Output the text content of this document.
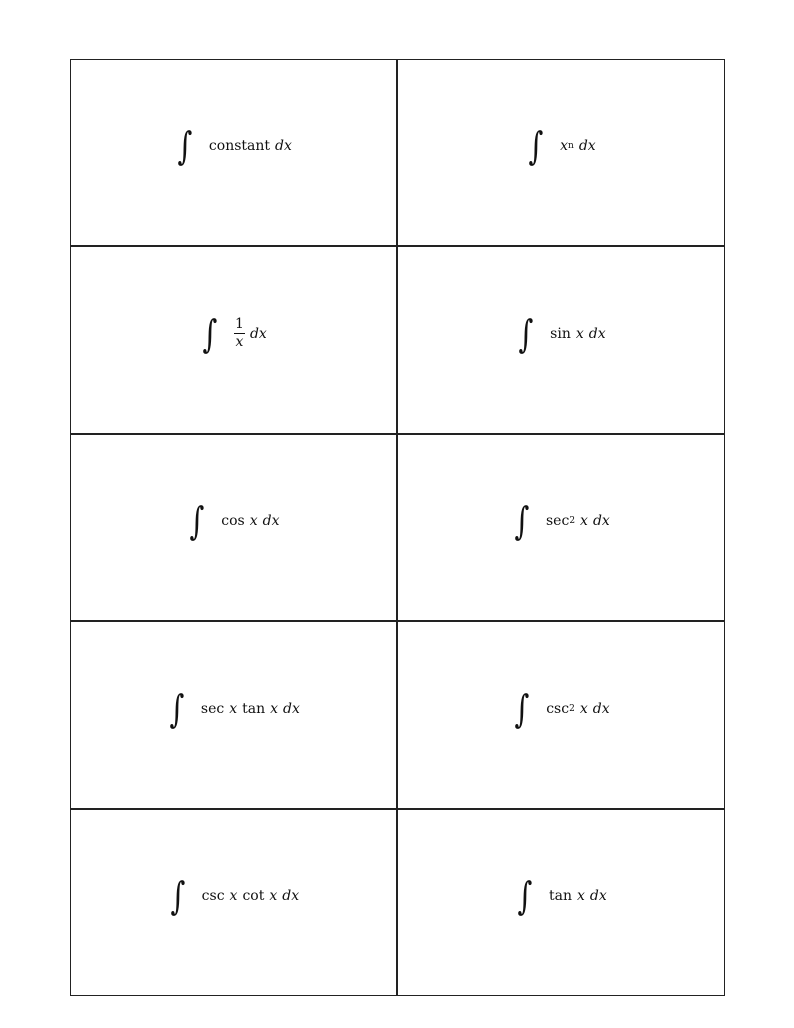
∫ constant dx	∫ x n dx
∫ $\frac{1}{x}$ dx	∫ sin x dx
∫ cos x dx	∫ sec 2 x dx
∫ sec x tan x dx	∫ csc 2 x dx
∫ csc x cot x dx	∫ tan x dx
